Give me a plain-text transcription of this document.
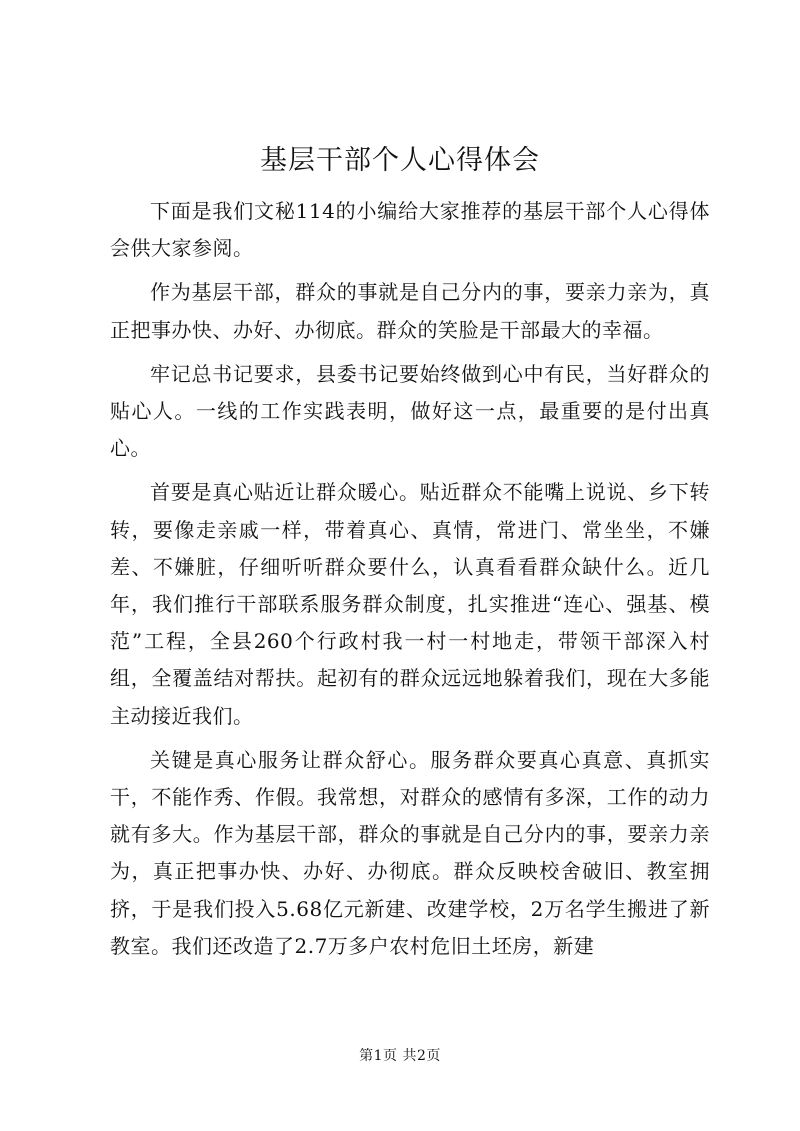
基层干部个人心得体会

下面是我们文秘114的小编给大家推荐的基层干部个人心得体会供大家参阅。

作为基层干部，群众的事就是自己分内的事，要亲力亲为，真正把事办快、办好、办彻底。群众的笑脸是干部最大的幸福。

牢记总书记要求，县委书记要始终做到心中有民，当好群众的贴心人。一线的工作实践表明，做好这一点，最重要的是付出真心。

首要是真心贴近让群众暖心。贴近群众不能嘴上说说、乡下转转，要像走亲戚一样，带着真心、真情，常进门、常坐坐，不嫌差、不嫌脏，仔细听听群众要什么，认真看看群众缺什么。近几年，我们推行干部联系服务群众制度，扎实推进“连心、强基、模范”工程，全县260个行政村我一村一村地走，带领干部深入村组，全覆盖结对帮扶。起初有的群众远远地躲着我们，现在大多能主动接近我们。

关键是真心服务让群众舒心。服务群众要真心真意、真抓实干，不能作秀、作假。我常想，对群众的感情有多深，工作的动力就有多大。作为基层干部，群众的事就是自己分内的事，要亲力亲为，真正把事办快、办好、办彻底。群众反映校舍破旧、教室拥挤，于是我们投入5.68亿元新建、改建学校，2万名学生搬进了新教室。我们还改造了2.7万多户农村危旧土坯房，新建

第1页 共2页
